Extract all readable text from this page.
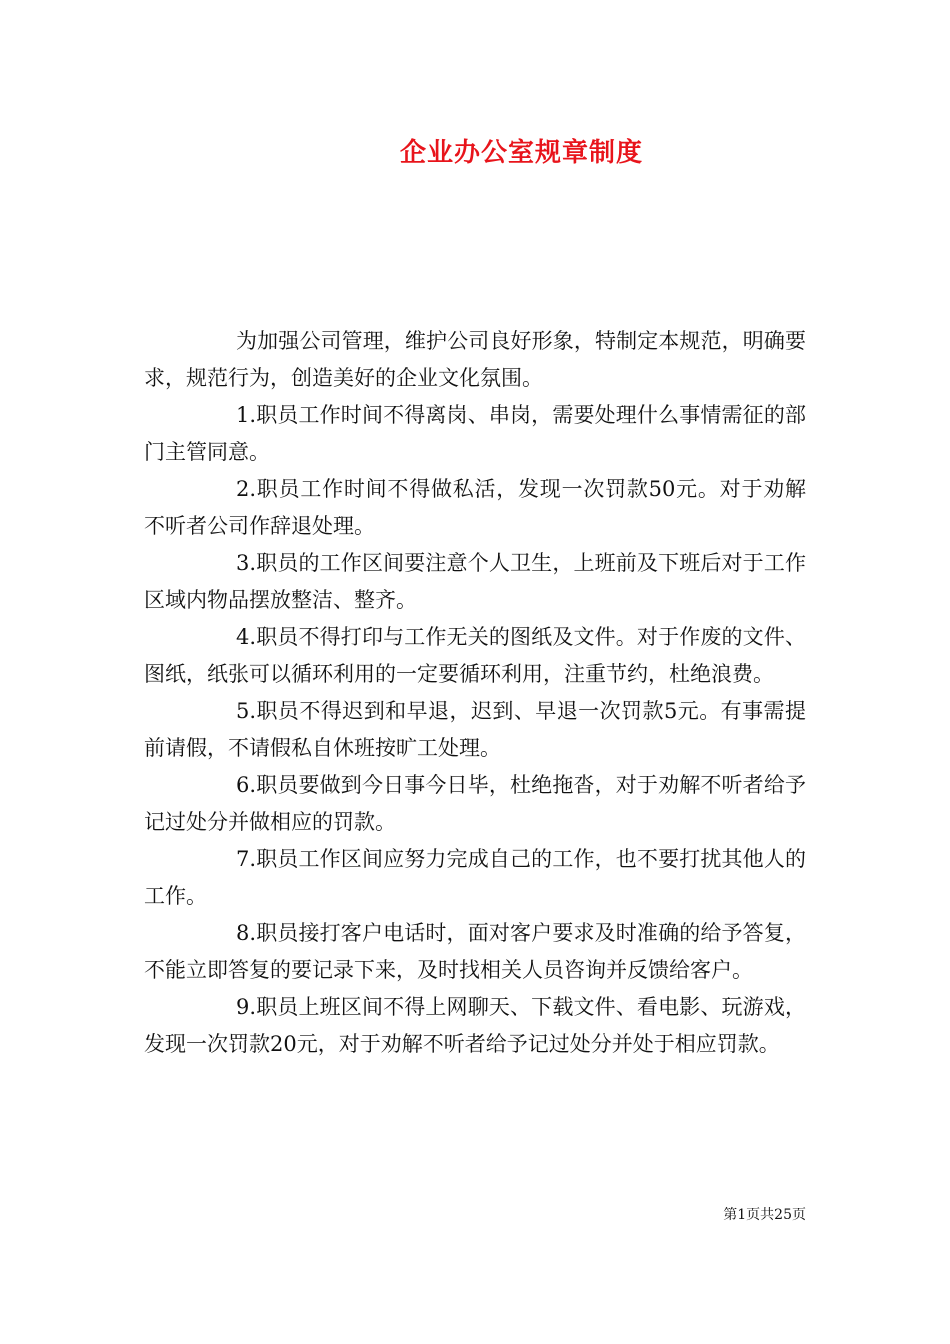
企业办公室规章制度

为加强公司管理，维护公司良好形象，特制定本规范，明确要求，规范行为，创造美好的企业文化氛围。

1.职员工作时间不得离岗、串岗，需要处理什么事情需征的部门主管同意。

2.职员工作时间不得做私活，发现一次罚款50元。对于劝解不听者公司作辞退处理。

3.职员的工作区间要注意个人卫生，上班前及下班后对于工作区域内物品摆放整洁、整齐。

4.职员不得打印与工作无关的图纸及文件。对于作废的文件、图纸，纸张可以循环利用的一定要循环利用，注重节约，杜绝浪费。

5.职员不得迟到和早退，迟到、早退一次罚款5元。有事需提前请假，不请假私自休班按旷工处理。

6.职员要做到今日事今日毕，杜绝拖沓，对于劝解不听者给予记过处分并做相应的罚款。

7.职员工作区间应努力完成自己的工作，也不要打扰其他人的工作。

8.职员接打客户电话时，面对客户要求及时准确的给予答复，不能立即答复的要记录下来，及时找相关人员咨询并反馈给客户。

9.职员上班区间不得上网聊天、下载文件、看电影、玩游戏，发现一次罚款20元，对于劝解不听者给予记过处分并处于相应罚款。

第1页共25页
